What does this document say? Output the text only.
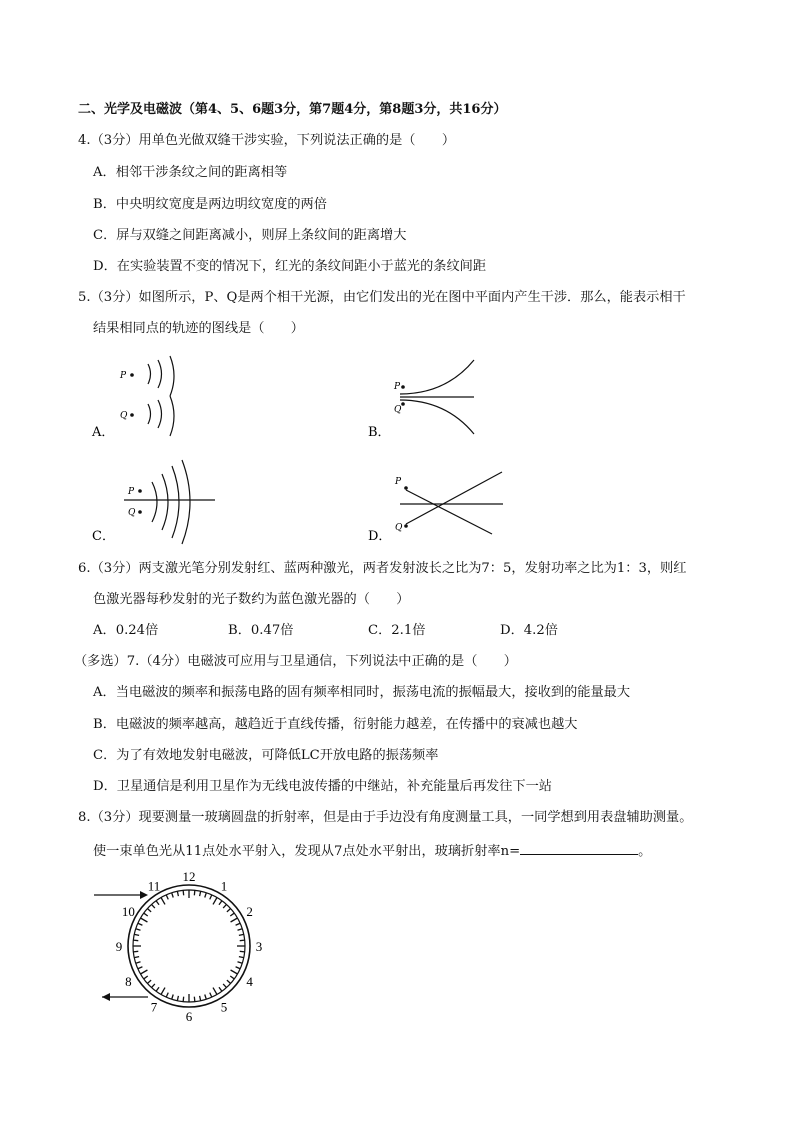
二、光学及电磁波（第4、5、6题3分，第7题4分，第8题3分，共16分）
4.（3分）用单色光做双缝干涉实验，下列说法正确的是（　　）
A．相邻干涉条纹之间的距离相等
B．中央明纹宽度是两边明纹宽度的两倍
C．屏与双缝之间距离减小，则屏上条纹间的距离增大
D．在实验装置不变的情况下，红光的条纹间距小于蓝光的条纹间距
5.（3分）如图所示，P、Q是两个相干光源，由它们发出的光在图中平面内产生干涉．那么，能表示相干
结果相同点的轨迹的图线是（　　）
A．
P
Q
B．
P
Q
C．
P
Q
D．
P
Q
6.（3分）两支激光笔分别发射红、蓝两种激光，两者发射波长之比为7：5，发射功率之比为1：3，则红
色激光器每秒发射的光子数约为蓝色激光器的（　　）
A．0.24倍	B．0.47倍	C．2.1倍	D．4.2倍
（多选）7.（4分）电磁波可应用与卫星通信，下列说法中正确的是（　　）
A．当电磁波的频率和振荡电路的固有频率相同时，振荡电流的振幅最大，接收到的能量最大
B．电磁波的频率越高，越趋近于直线传播，衍射能力越差，在传播中的衰减也越大
C．为了有效地发射电磁波，可降低LC开放电路的振荡频率
D．卫星通信是利用卫星作为无线电波传播的中继站，补充能量后再发往下一站
8.（3分）现要测量一玻璃圆盘的折射率，但是由于手边没有角度测量工具，一同学想到用表盘辅助测量。
使一束单色光从11点处水平射入，发现从7点处水平射出，玻璃折射率n=	。
12
1
2
3
4
5
6
7
8
9
10
11
